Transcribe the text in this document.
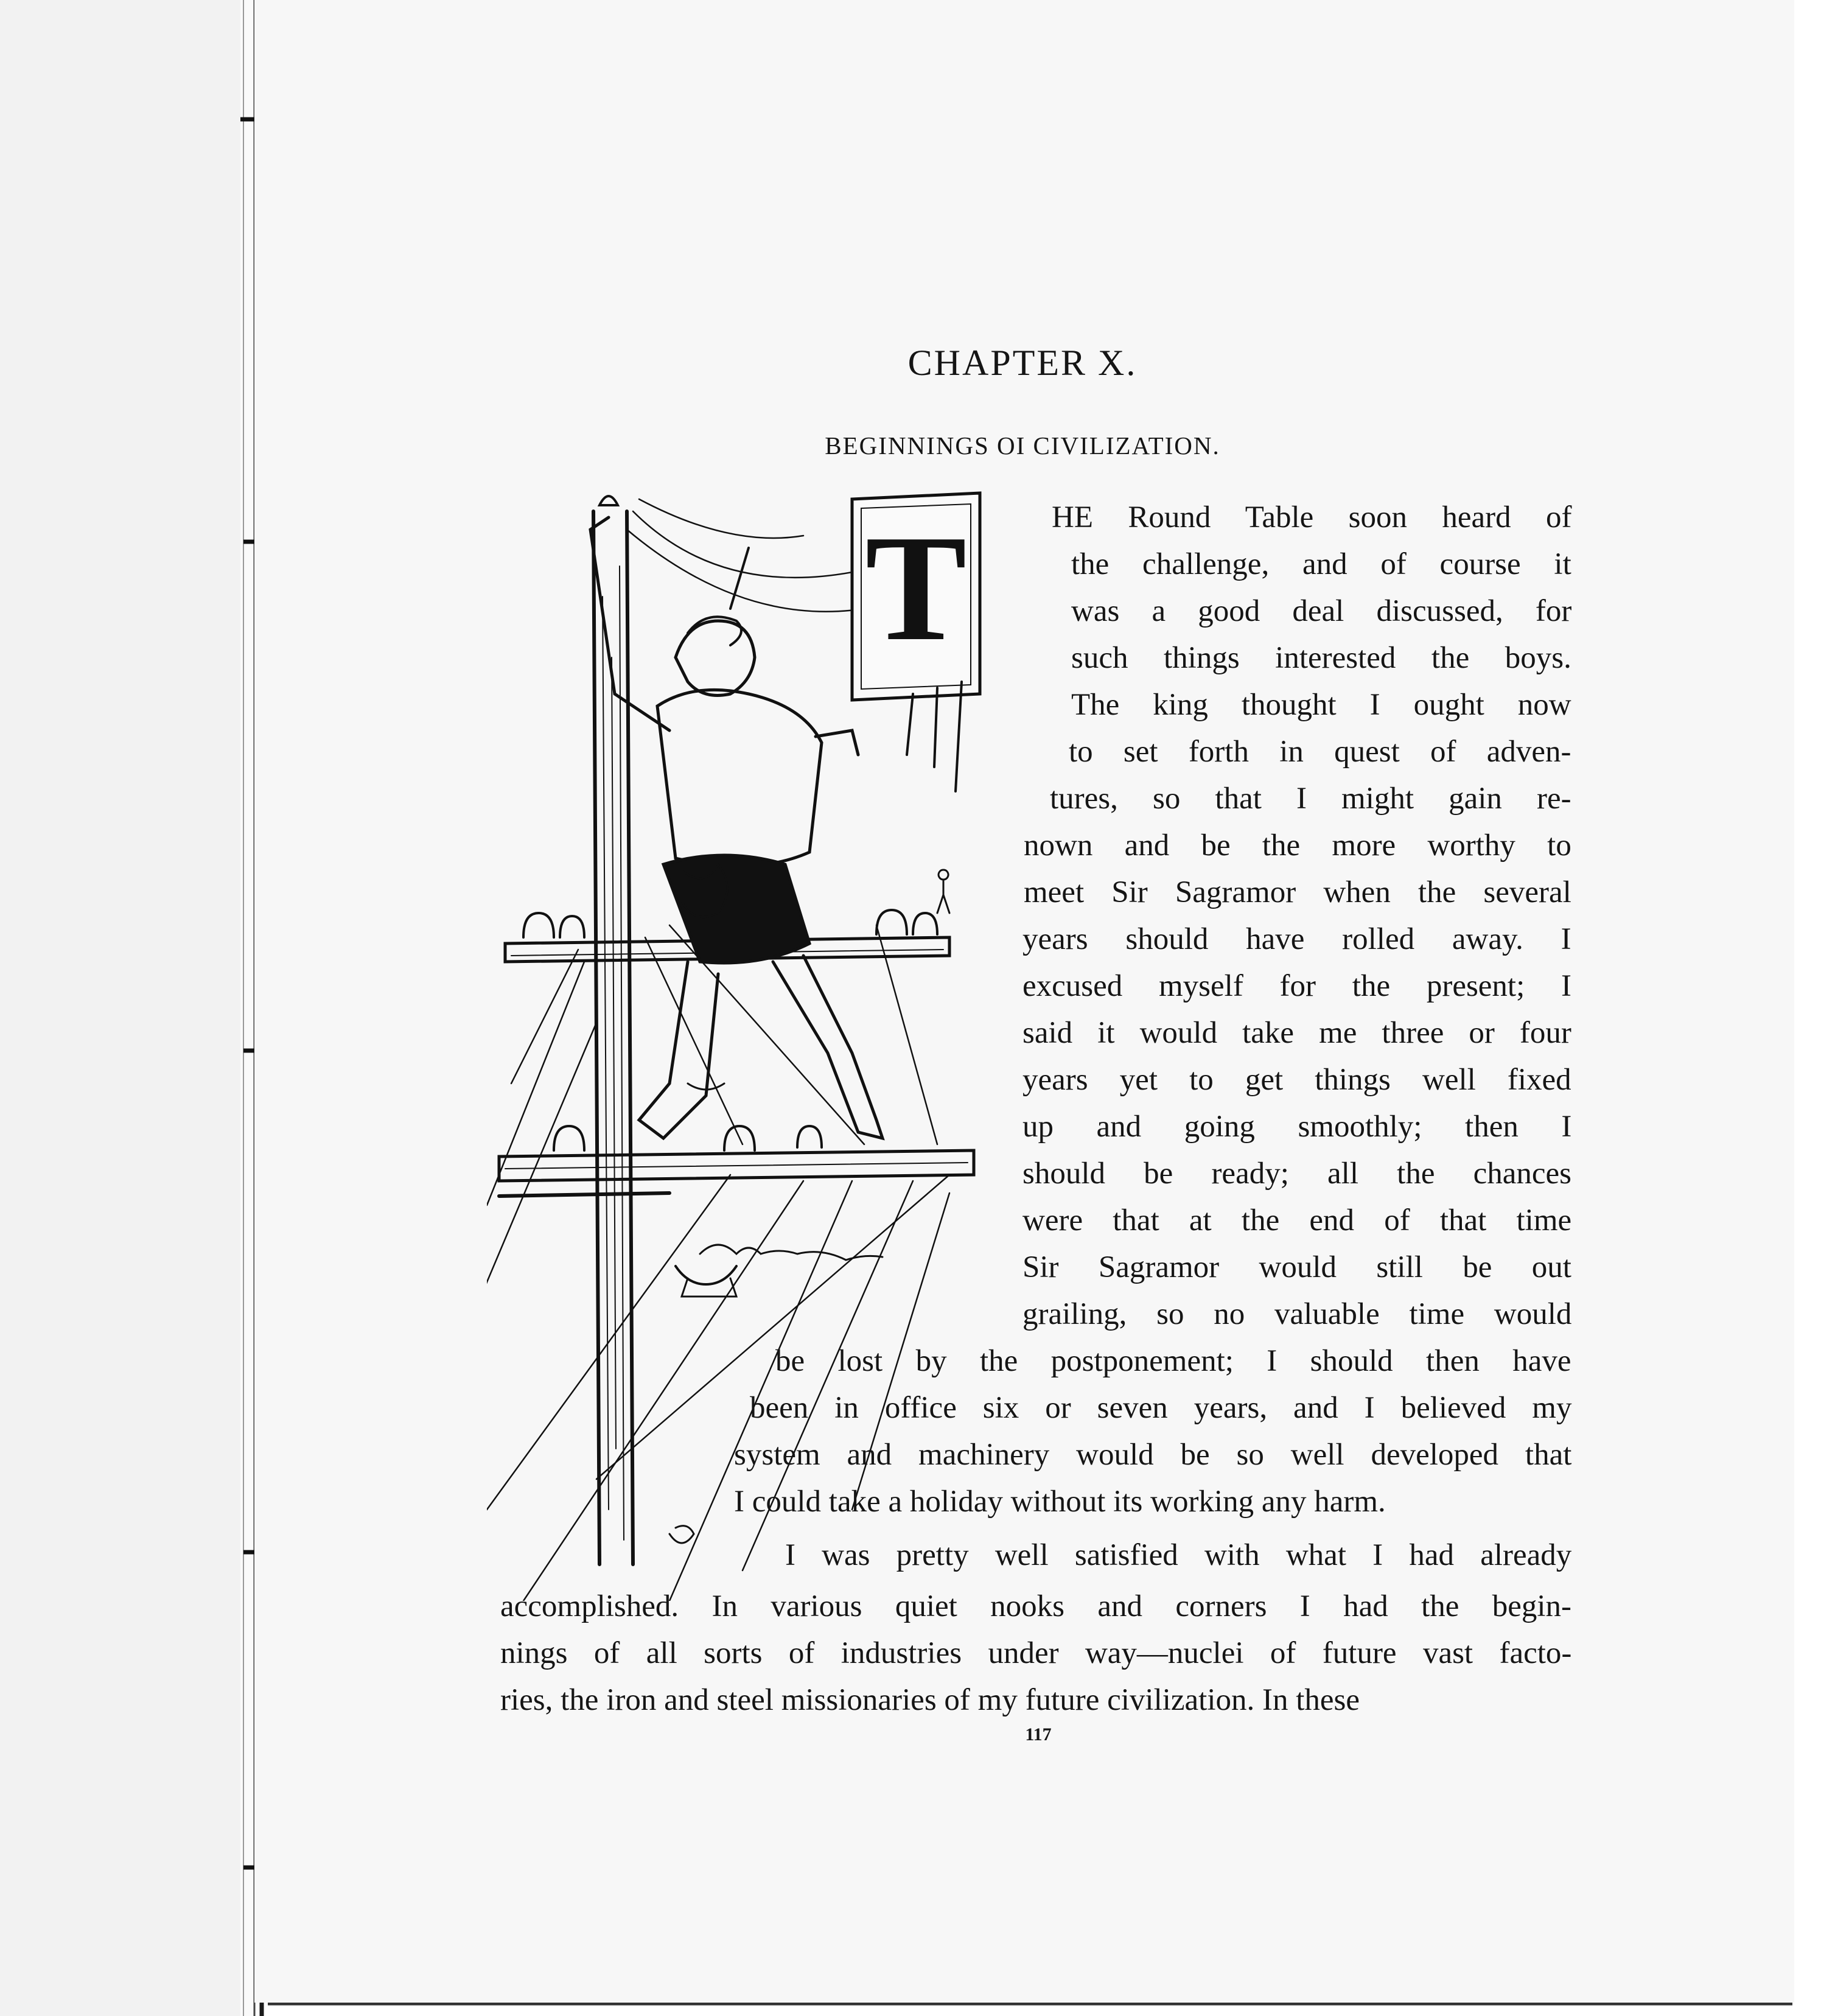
CHAPTER X.
BEGINNINGS OI CIVILIZATION.
T	HE Round Table soon heard of
the challenge, and of course it
was a good deal discussed, for
such things interested the boys.
The king thought I ought now
to set forth in quest of adven-
tures, so that I might gain re-
nown and be the more worthy to
meet Sir Sagramor when the several
years should have rolled away. I
excused myself for the present; I
said it would take me three or four
years yet to get things well fixed
up and going smoothly; then I
should be ready; all the chances
were that at the end of that time
Sir Sagramor would still be out
grailing, so no valuable time would
be lost by the postponement; I should then have
been in office six or seven years, and I believed my
system and machinery would be so well developed that
I could take a holiday without its working any harm.
I was pretty well satisfied with what I had already
accomplished. In various quiet nooks and corners I had the begin-
nings of all sorts of industries under way—nuclei of future vast facto-
ries, the iron and steel missionaries of my future civilization. In these
117
